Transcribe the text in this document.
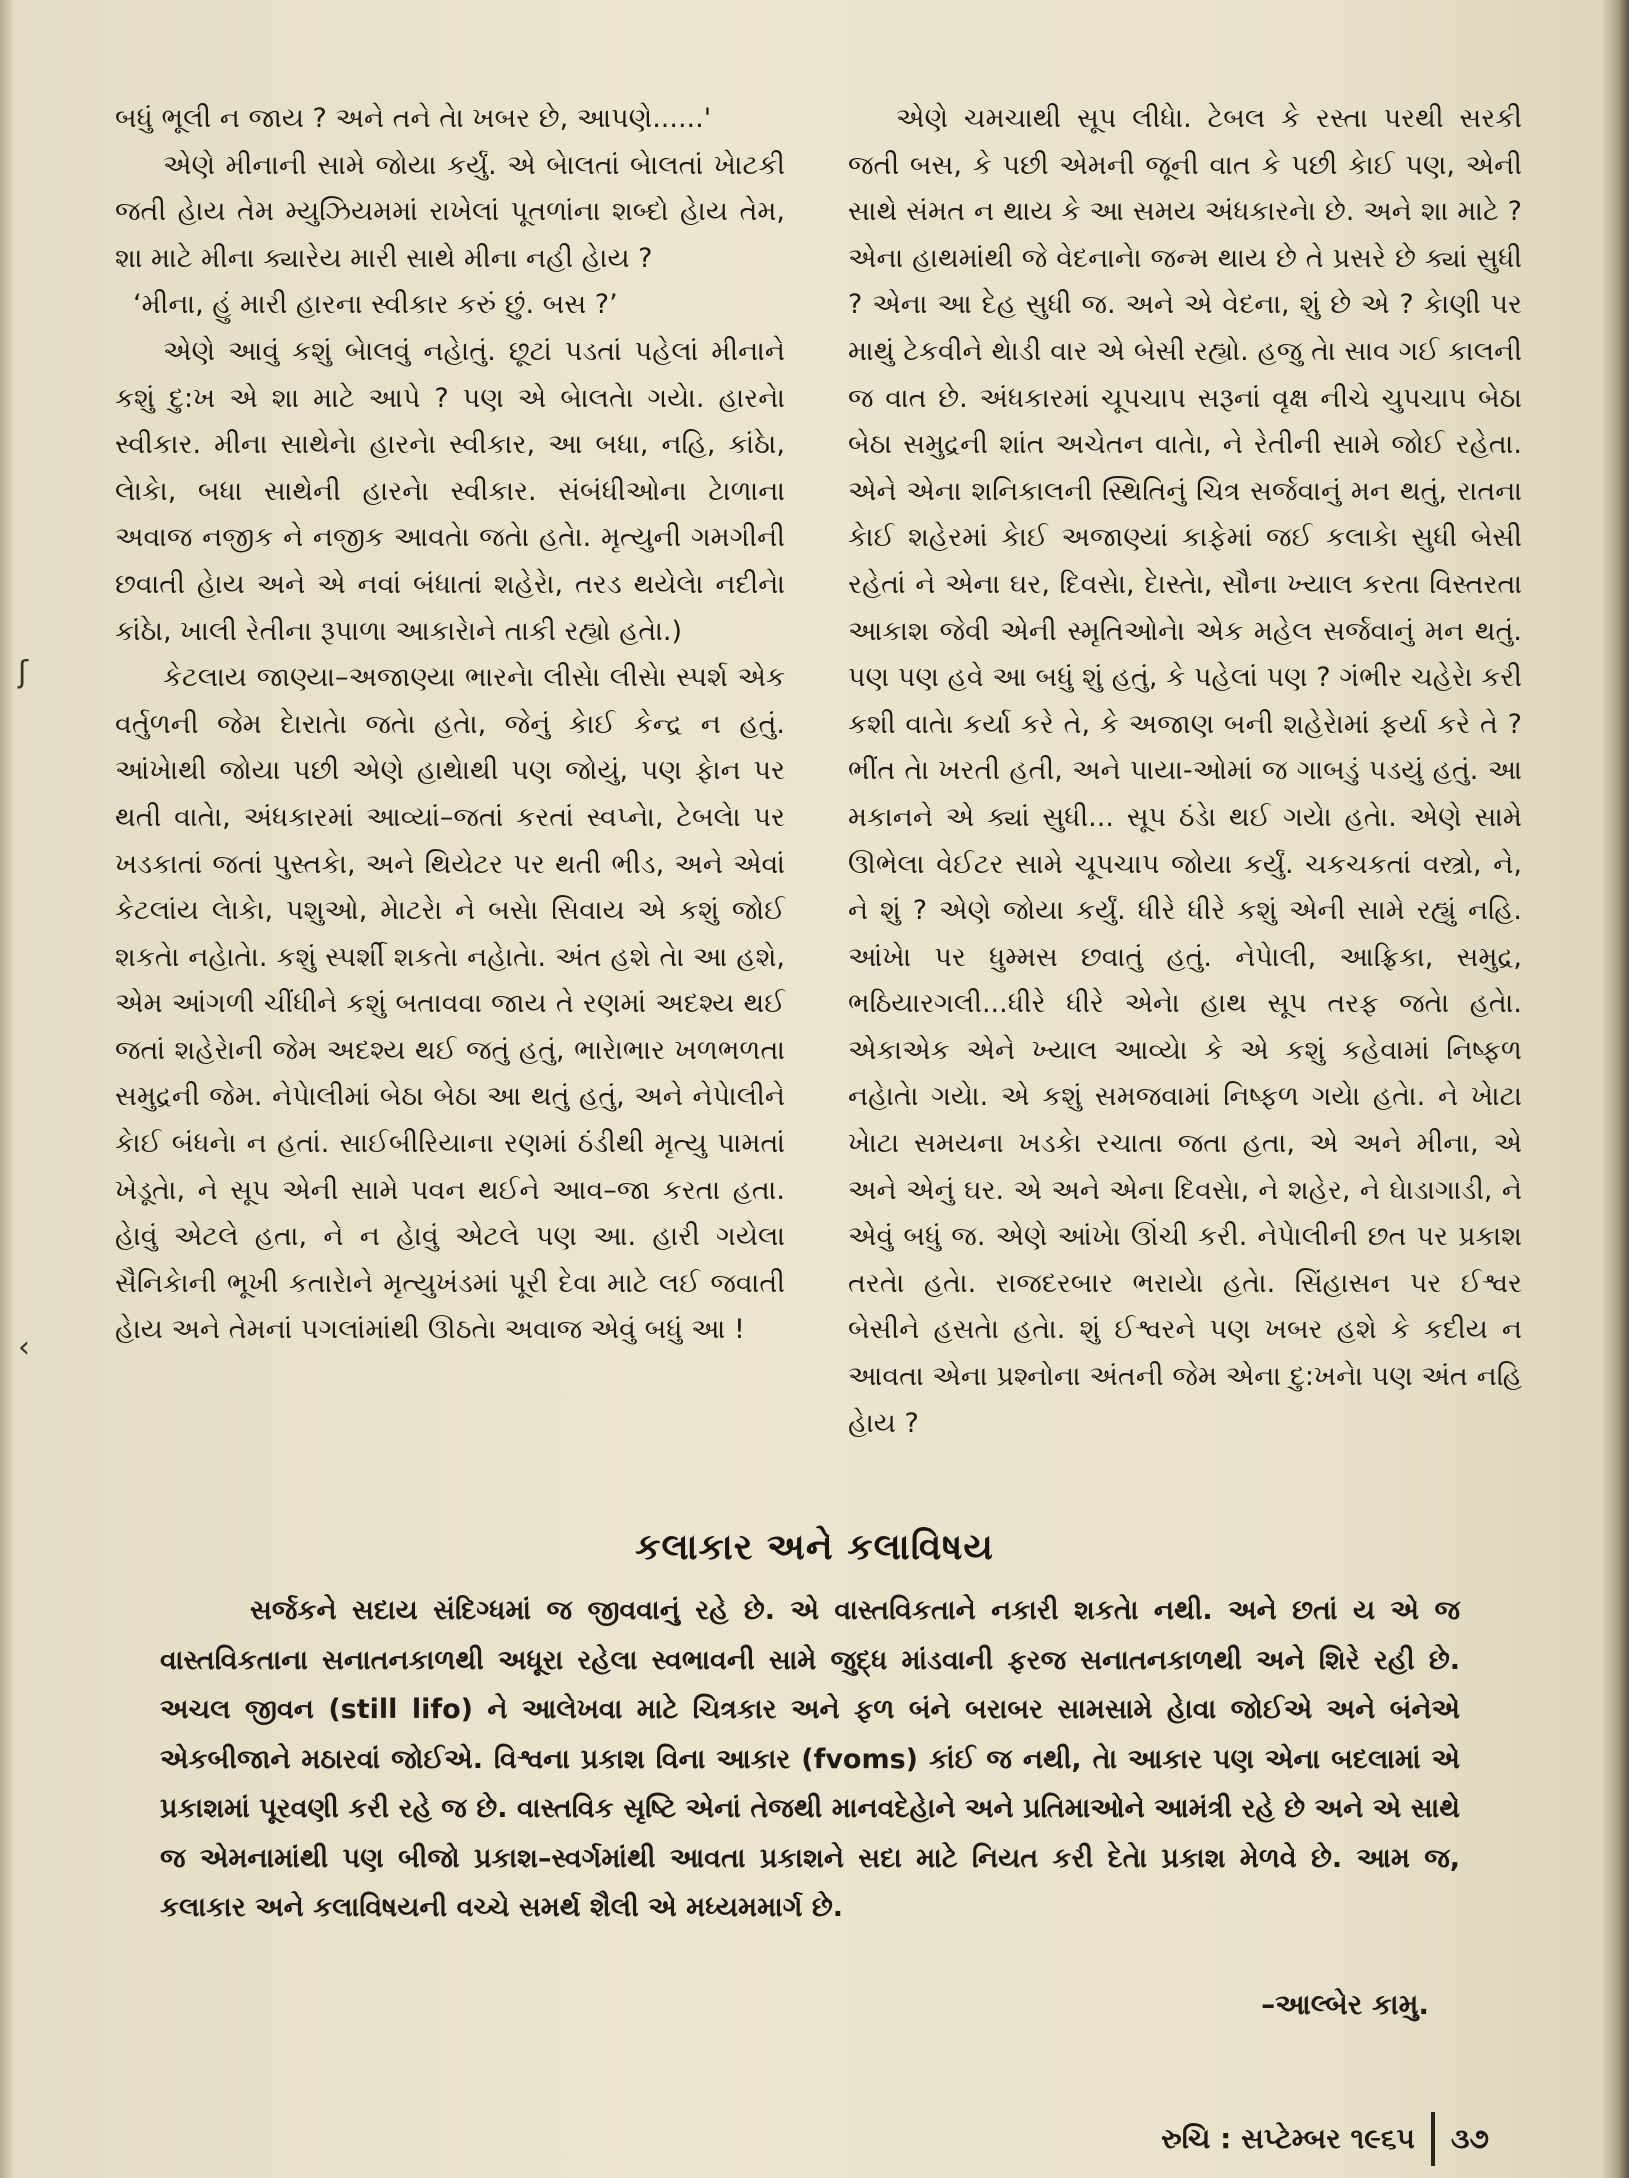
ʃ
‹

બધું ભૂલી ન જાય ? અને તને તેા ખબર છે, આપણે......'

એણે મીનાની સામે જોયા કર્યું. એ બેાલતાં બેાલતાં ખેાટકી જતી હેાય તેમ મ્યુઝિયમમાં રાખેલાં પૂતળાંના શબ્દો હેાય તેમ, શા માટે મીના ક્યારેય મારી સાથે મીના નહી હેાય ?

‘મીના, હું મારી હારના સ્વીકાર કરું છું. બસ ?’

એણે આવું કશું બેાલવું નહેાતું. છૂટાં પડતાં પહેલાં મીનાને કશું દુ:ખ એ શા માટે આપે ? પણ એ બેાલતેા ગયેા. હારનેા સ્વીકાર. મીના સાથેનેા હારનેા સ્વીકાર, આ બધા, નહિ, કાંઠેા, લેાકેા, બધા સાથેની હારનેા સ્વીકાર. સંબંધીઓના ટેાળાના અવાજ નજીક ને નજીક આવતેા જતેા હતેા. મૃત્યુની ગમગીની છવાતી હેાય અને એ નવાં બંધાતાં શહેરેા, તરડ થયેલેા નદીનેા કાંઠેા, ખાલી રેતીના રૂપાળા આકારેાને તાકી રહ્યો હતેા.)

કેટલાય જાણ્યા–અજાણ્યા ભારનેા લીસેા લીસેા સ્પર્શ એક વર્તુળની જેમ દેારાતેા જતેા હતેા, જેનું કેાઈ કેન્દ્ર ન હતું. આંખેાથી જોયા પછી એણે હાથેાથી પણ જોયું, પણ ફેાન પર થતી વાતેા, અંધકારમાં આવ્યાં–જતાં કરતાં સ્વપ્નેા, ટેબલેા પર ખડકાતાં જતાં પુસ્તકેા, અને થિયેટર પર થતી ભીડ, અને એવાં કેટલાંય લેાકેા, પશુઓ, મેાટરેા ને બસેા સિવાય એ કશું જોઈ શકતેા નહેાતેા. કશું સ્પર્શી શકતેા નહેાતેા. અંત હશે તેા આ હશે, એમ આંગળી ચીંધીને કશું બતાવવા જાય તે રણમાં અદશ્ય થઈ જતાં શહેરેાની જેમ અદશ્ય થઈ જતું હતું, ભારેાભાર ખળભળતા સમુદ્રની જેમ. નેપેાલીમાં બેઠા બેઠા આ થતું હતું, અને નેપેાલીને કેાઈ બંધનેા ન હતાં. સાઈબીરિયાના રણમાં ઠંડીથી મૃત્યુ પામતાં ખેડૂતેા, ને સૂપ એની સામે પવન થઈને આવ–જા કરતા હતા. હેાવું એટલે હતા, ને ન હેાવું એટલે પણ આ. હારી ગયેલા સૈનિકેાની ભૂખી કતારેાને મૃત્યુખંડમાં પૂરી દેવા માટે લઈ જવાતી હેાય અને તેમનાં પગલાંમાંથી ઊઠતેા અવાજ એવું બધું આ !

એણે ચમચાથી સૂપ લીધેા. ટેબલ કે રસ્તા પરથી સરકી જતી બસ, કે પછી એમની જૂની વાત કે પછી કેાઈ પણ, એની સાથે સંમત ન થાય કે આ સમય અંધકારનેા છે. અને શા માટે ? એના હાથમાંથી જે વેદનાનેા જન્મ થાય છે તે પ્રસરે છે ક્યાં સુધી ? એના આ દેહ સુધી જ. અને એ વેદના, શું છે એ ? કેાણી પર માથું ટેકવીને થેાડી વાર એ બેસી રહ્યો. હજુ તેા સાવ ગઈ કાલની જ વાત છે. અંધકારમાં ચૂપચાપ સરૂનાં વૃક્ષ નીચે ચુપચાપ બેઠા બેઠા સમુદ્રની શાંત અચેતન વાતેા, ને રેતીની સામે જોઈ રહેતા. એને એના શનિકાલની સ્થિતિનું ચિત્ર સર્જવાનું મન થતું, રાતના કેાઈ શહેરમાં કેાઈ અજાણ્યાં કાફેમાં જઈ કલાકેા સુધી બેસી રહેતાં ને એના ઘર, દિવસેા, દેાસ્તેા, સૌના ખ્યાલ કરતા વિસ્તરતા આકાશ જેવી એની સ્મૃતિઓનેા એક મહેલ સર્જવાનું મન થતું. પણ પણ હવે આ બધું શું હતું, કે પહેલાં પણ ? ગંભીર ચહેરેા કરી કશી વાતેા કર્યા કરે તે, કે અજાણ બની શહેરેામાં ફર્યા કરે તે ? ભીંત તેા ખરતી હતી, અને પાયા-ઓમાં જ ગાબડું પડયું હતું. આ મકાનને એ ક્યાં સુધી... સૂપ ઠંડેા થઈ ગયેા હતેા. એણે સામે ઊભેલા વેઈટર સામે ચૂપચાપ જોયા કર્યું. ચકચકતાં વસ્ત્રો, ને, ને શું ? એણે જોયા કર્યું. ધીરે ધીરે કશું એની સામે રહ્યું નહિ. આંખેા પર ધુમ્મસ છવાતું હતું. નેપેાલી, આફ્રિકા, સમુદ્ર, ભઠિયારગલી...ધીરે ધીરે એનેા હાથ સૂપ તરફ જતેા હતેા. એકાએક એને ખ્યાલ આવ્યેા કે એ કશું કહેવામાં નિષ્ફળ નહેાતેા ગયેા. એ કશું સમજવામાં નિષ્ફળ ગયેા હતેા. ને ખેાટા ખેાટા સમયના ખડકેા રચાતા જતા હતા, એ અને મીના, એ અને એનું ઘર. એ અને એના દિવસેા, ને શહેર, ને ઘેાડાગાડી, ને એવું બધું જ. એણે આંખેા ઊંચી કરી. નેપેાલીની છત પર પ્રકાશ તરતેા હતેા. રાજદરબાર ભરાયેા હતેા. સિંહાસન પર ઈશ્વર બેસીને હસતેા હતેા. શું ઈશ્વરને પણ ખબર હશે કે કદીય ન આવતા એના પ્રશ્નોના અંતની જેમ એના દુ:ખનેા પણ અંત નહિ હેાય ?

કલાકાર અને કલાવિષય
સર્જકને સદાય સંદિગ્ધમાં જ જીવવાનું રહે છે. એ વાસ્તવિકતાને નકારી શકતેા નથી. અને છતાં ય એ જ વાસ્તવિકતાના સનાતનકાળથી અધૂરા રહેલા સ્વભાવની સામે જુદ્ધ માંડવાની ફરજ સનાતનકાળથી અને શિરે રહી છે. અચલ જીવન (still lifo) ને આલેખવા માટે ચિત્રકાર અને ફળ બંને બરાબર સામસામે હેાવા જોઈએ અને બંનેએ એકબીજાને મઠારવાં જોઈએ. વિશ્વના પ્રકાશ વિના આકાર (fvoms) કાંઈ જ નથી, તેા આકાર પણ એના બદલામાં એ પ્રકાશમાં પૂરવણી કરી રહે જ છે. વાસ્તવિક સૃષ્ટિ એનાં તેજથી માનવદેહેાને અને પ્રતિમાઓને આમંત્રી રહે છે અને એ સાથે જ એમનામાંથી પણ બીજો પ્રકાશ–સ્વર્ગમાંથી આવતા પ્રકાશને સદા માટે નિયત કરી દેતેા પ્રકાશ મેળવે છે. આમ જ, કલાકાર અને કલાવિષયની વચ્ચે સમર્થ શૈલી એ મધ્યમમાર્ગ છે.
–આલ્બેર કામુ.
રુચિ : સપ્ટેમ્બર ૧૯૬૫ ૩૭
